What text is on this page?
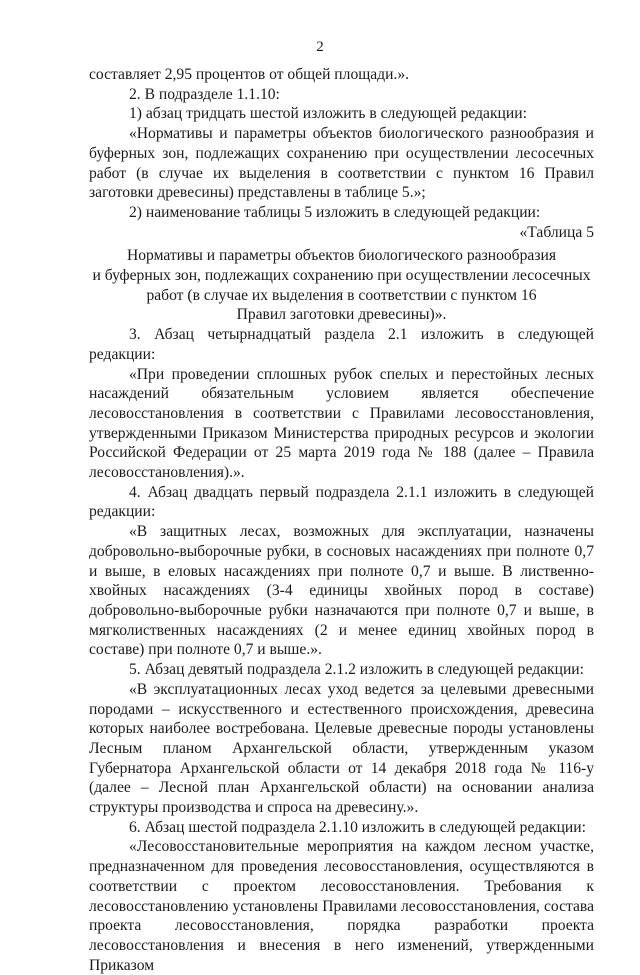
2

составляет 2,95 процентов от общей площади.».

2. В подразделе 1.1.10:

1) абзац тридцать шестой изложить в следующей редакции:

«Нормативы и параметры объектов биологического разнообразия и буферных зон, подлежащих сохранению при осуществлении лесосечных работ (в случае их выделения в соответствии с пунктом 16 Правил заготовки древесины) представлены в таблице 5.»;

2) наименование таблицы 5 изложить в следующей редакции:

«Таблица 5

Нормативы и параметры объектов биологического разнообразия
и буферных зон, подлежащих сохранению при осуществлении лесосечных
работ (в случае их выделения в соответствии с пунктом 16
Правил заготовки древесины)».

3. Абзац четырнадцатый раздела 2.1 изложить в следующей редакции:

«При проведении сплошных рубок спелых и перестойных лесных насаждений обязательным условием является обеспечение лесовосстановления в соответствии с Правилами лесовосстановления, утвержденными Приказом Министерства природных ресурсов и экологии Российской Федерации от 25 марта 2019 года № 188 (далее – Правила лесовосстановления).».

4. Абзац двадцать первый подраздела 2.1.1 изложить в следующей редакции:

«В защитных лесах, возможных для эксплуатации, назначены добровольно-выборочные рубки, в сосновых насаждениях при полноте 0,7 и выше, в еловых насаждениях при полноте 0,7 и выше. В лиственно-хвойных насаждениях (3-4 единицы хвойных пород в составе) добровольно-выборочные рубки назначаются при полноте 0,7 и выше, в мягколиственных насаждениях (2 и менее единиц хвойных пород в составе) при полноте 0,7 и выше.».

5. Абзац девятый подраздела 2.1.2 изложить в следующей редакции:

«В эксплуатационных лесах уход ведется за целевыми древесными породами – искусственного и естественного происхождения, древесина которых наиболее востребована. Целевые древесные породы установлены Лесным планом Архангельской области, утвержденным указом Губернатора Архангельской области от 14 декабря 2018 года № 116-у (далее – Лесной план Архангельской области) на основании анализа структуры производства и спроса на древесину.».

6. Абзац шестой подраздела 2.1.10 изложить в следующей редакции:

«Лесовосстановительные мероприятия на каждом лесном участке, предназначенном для проведения лесовосстановления, осуществляются в соответствии с проектом лесовосстановления. Требования к лесовосстановлению установлены Правилами лесовосстановления, состава проекта лесовосстановления, порядка разработки проекта лесовосстановления и внесения в него изменений, утвержденными Приказом
